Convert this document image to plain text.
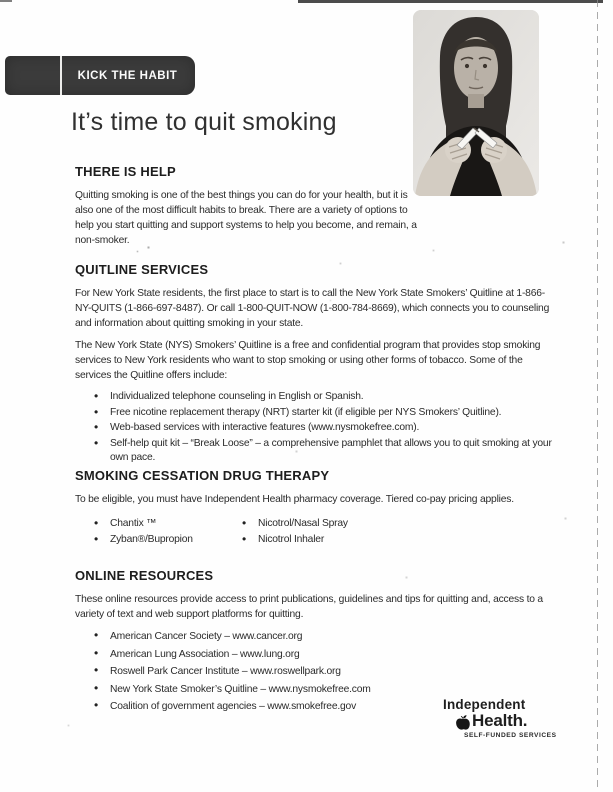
KICK THE HABIT
It’s time to quit smoking
THERE IS HELP

Quitting smoking is one of the best things you can do for your health, but it is also one of the most difficult habits to break. There are a variety of options to help you start quitting and support systems to help you become, and remain, a non-smoker.

QUITLINE SERVICES

For New York State residents, the first place to start is to call the New York State Smokers’ Quitline at 1-866-NY-QUITS (1-866-697-8487). Or call 1-800-QUIT-NOW (1-800-784-8669), which connects you to counseling and information about quitting smoking in your state.

The New York State (NYS) Smokers’ Quitline is a free and confidential program that provides stop smoking services to New York residents who want to stop smoking or using other forms of tobacco. Some of the services the Quitline offers include:

• Individualized telephone counseling in English or Spanish.
• Free nicotine replacement therapy (NRT) starter kit (if eligible per NYS Smokers’ Quitline).
• Web-based services with interactive features (www.nysmokefree.com).
• Self-help quit kit – “Break Loose” – a comprehensive pamphlet that allows you to quit smoking at your own pace.
SMOKING CESSATION DRUG THERAPY

To be eligible, you must have Independent Health pharmacy coverage. Tiered co-pay pricing applies.

• Chantix ™
• Zyban®/Bupropion
• Nicotrol/Nasal Spray
• Nicotrol Inhaler
ONLINE RESOURCES

These online resources provide access to print publications, guidelines and tips for quitting and, access to a variety of text and web support platforms for quitting.

• American Cancer Society – www.cancer.org
• American Lung Association – www.lung.org
• Roswell Park Cancer Institute – www.roswellpark.org
• New York State Smoker’s Quitline – www.nysmokefree.com
• Coalition of government agencies – www.smokefree.gov	Independent
Health.
SELF-FUNDED SERVICES
